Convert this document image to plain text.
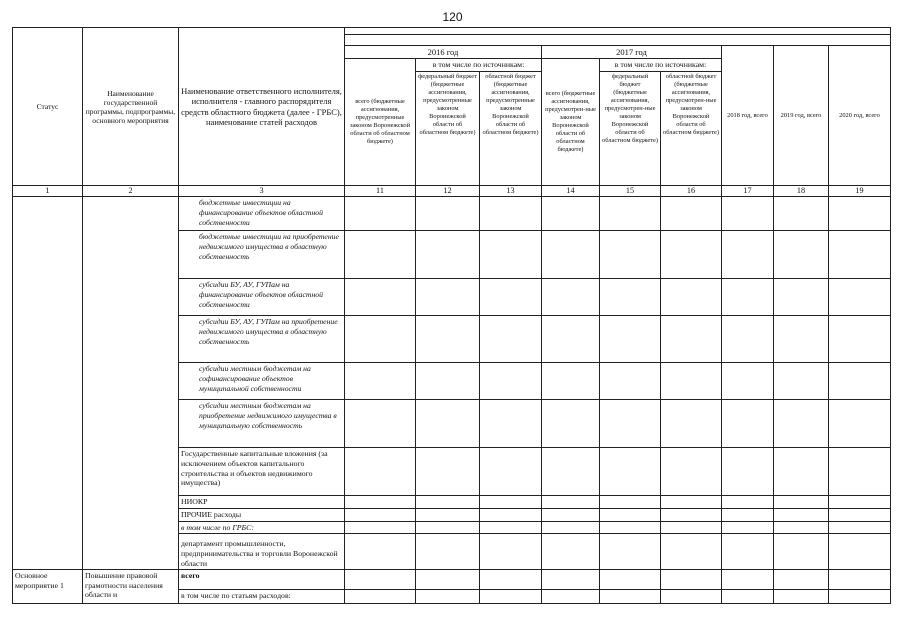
120
Статус	Наименование государственной программы, подпрограммы, основного мероприятия	Наименование ответственного исполнителя, исполнителя - главного распорядителя средств областного бюджета (далее - ГРБС), наименование статей расходов									

			2016 год			2017 год			2018 год, всего	2019 год, всего	2020 год, всего
			всего (бюджетные ассигнования, предусмотренные законом Воронежской области об областном бюджете)	в том числе по источникам:		всего (бюджетные ассигнования, предусмотрен-ные законом Воронежской области об областном бюджете)	в том числе по источникам:				
				федеральный бюджет (бюджетные ассигнования, предусмотренные законом Воронежской области об областном бюджете)	областной бюджет (бюджетные ассигнования, предусмотренные законом Воронежской области об областном бюджете)		федеральный бюджет (бюджетные ассигнования, предусмотрен-ные законом Воронежской области об областном бюджете)	областной бюджет (бюджетные ассигнования, предусмотрен-ные законом Воронежской области об областном бюджете)			
1	2	3	11	12	13	14	15	16	17	18	19
		бюджетные инвестиции на финансирование объектов областной собственности									
		бюджетные инвестиции на приобретение недвижимого имущества в областную собственность									
		субсидии БУ, АУ, ГУПам на финансирование объектов областной собственности									
		субсидии БУ, АУ, ГУПам на приобретение недвижимого имущества в областную собственность									
		субсидии местным бюджетам на софинансирование объектов муниципальной собственности									
		субсидии местным бюджетам на приобретение недвижимого имущества в муниципальную собственность									
		Государственные капитальные вложения (за исключением объектов капитального строительства и объектов недвижимого имущества)									
		НИОКР									
		ПРОЧИЕ расходы									
		в том числе по ГРБС:									
		департамент промышленности, предпринимательства и торговли Воронежской области									
Основное мероприятие 1	Повышение правовой грамотности населения области и	всего									
		в том числе по статьям расходов:									
